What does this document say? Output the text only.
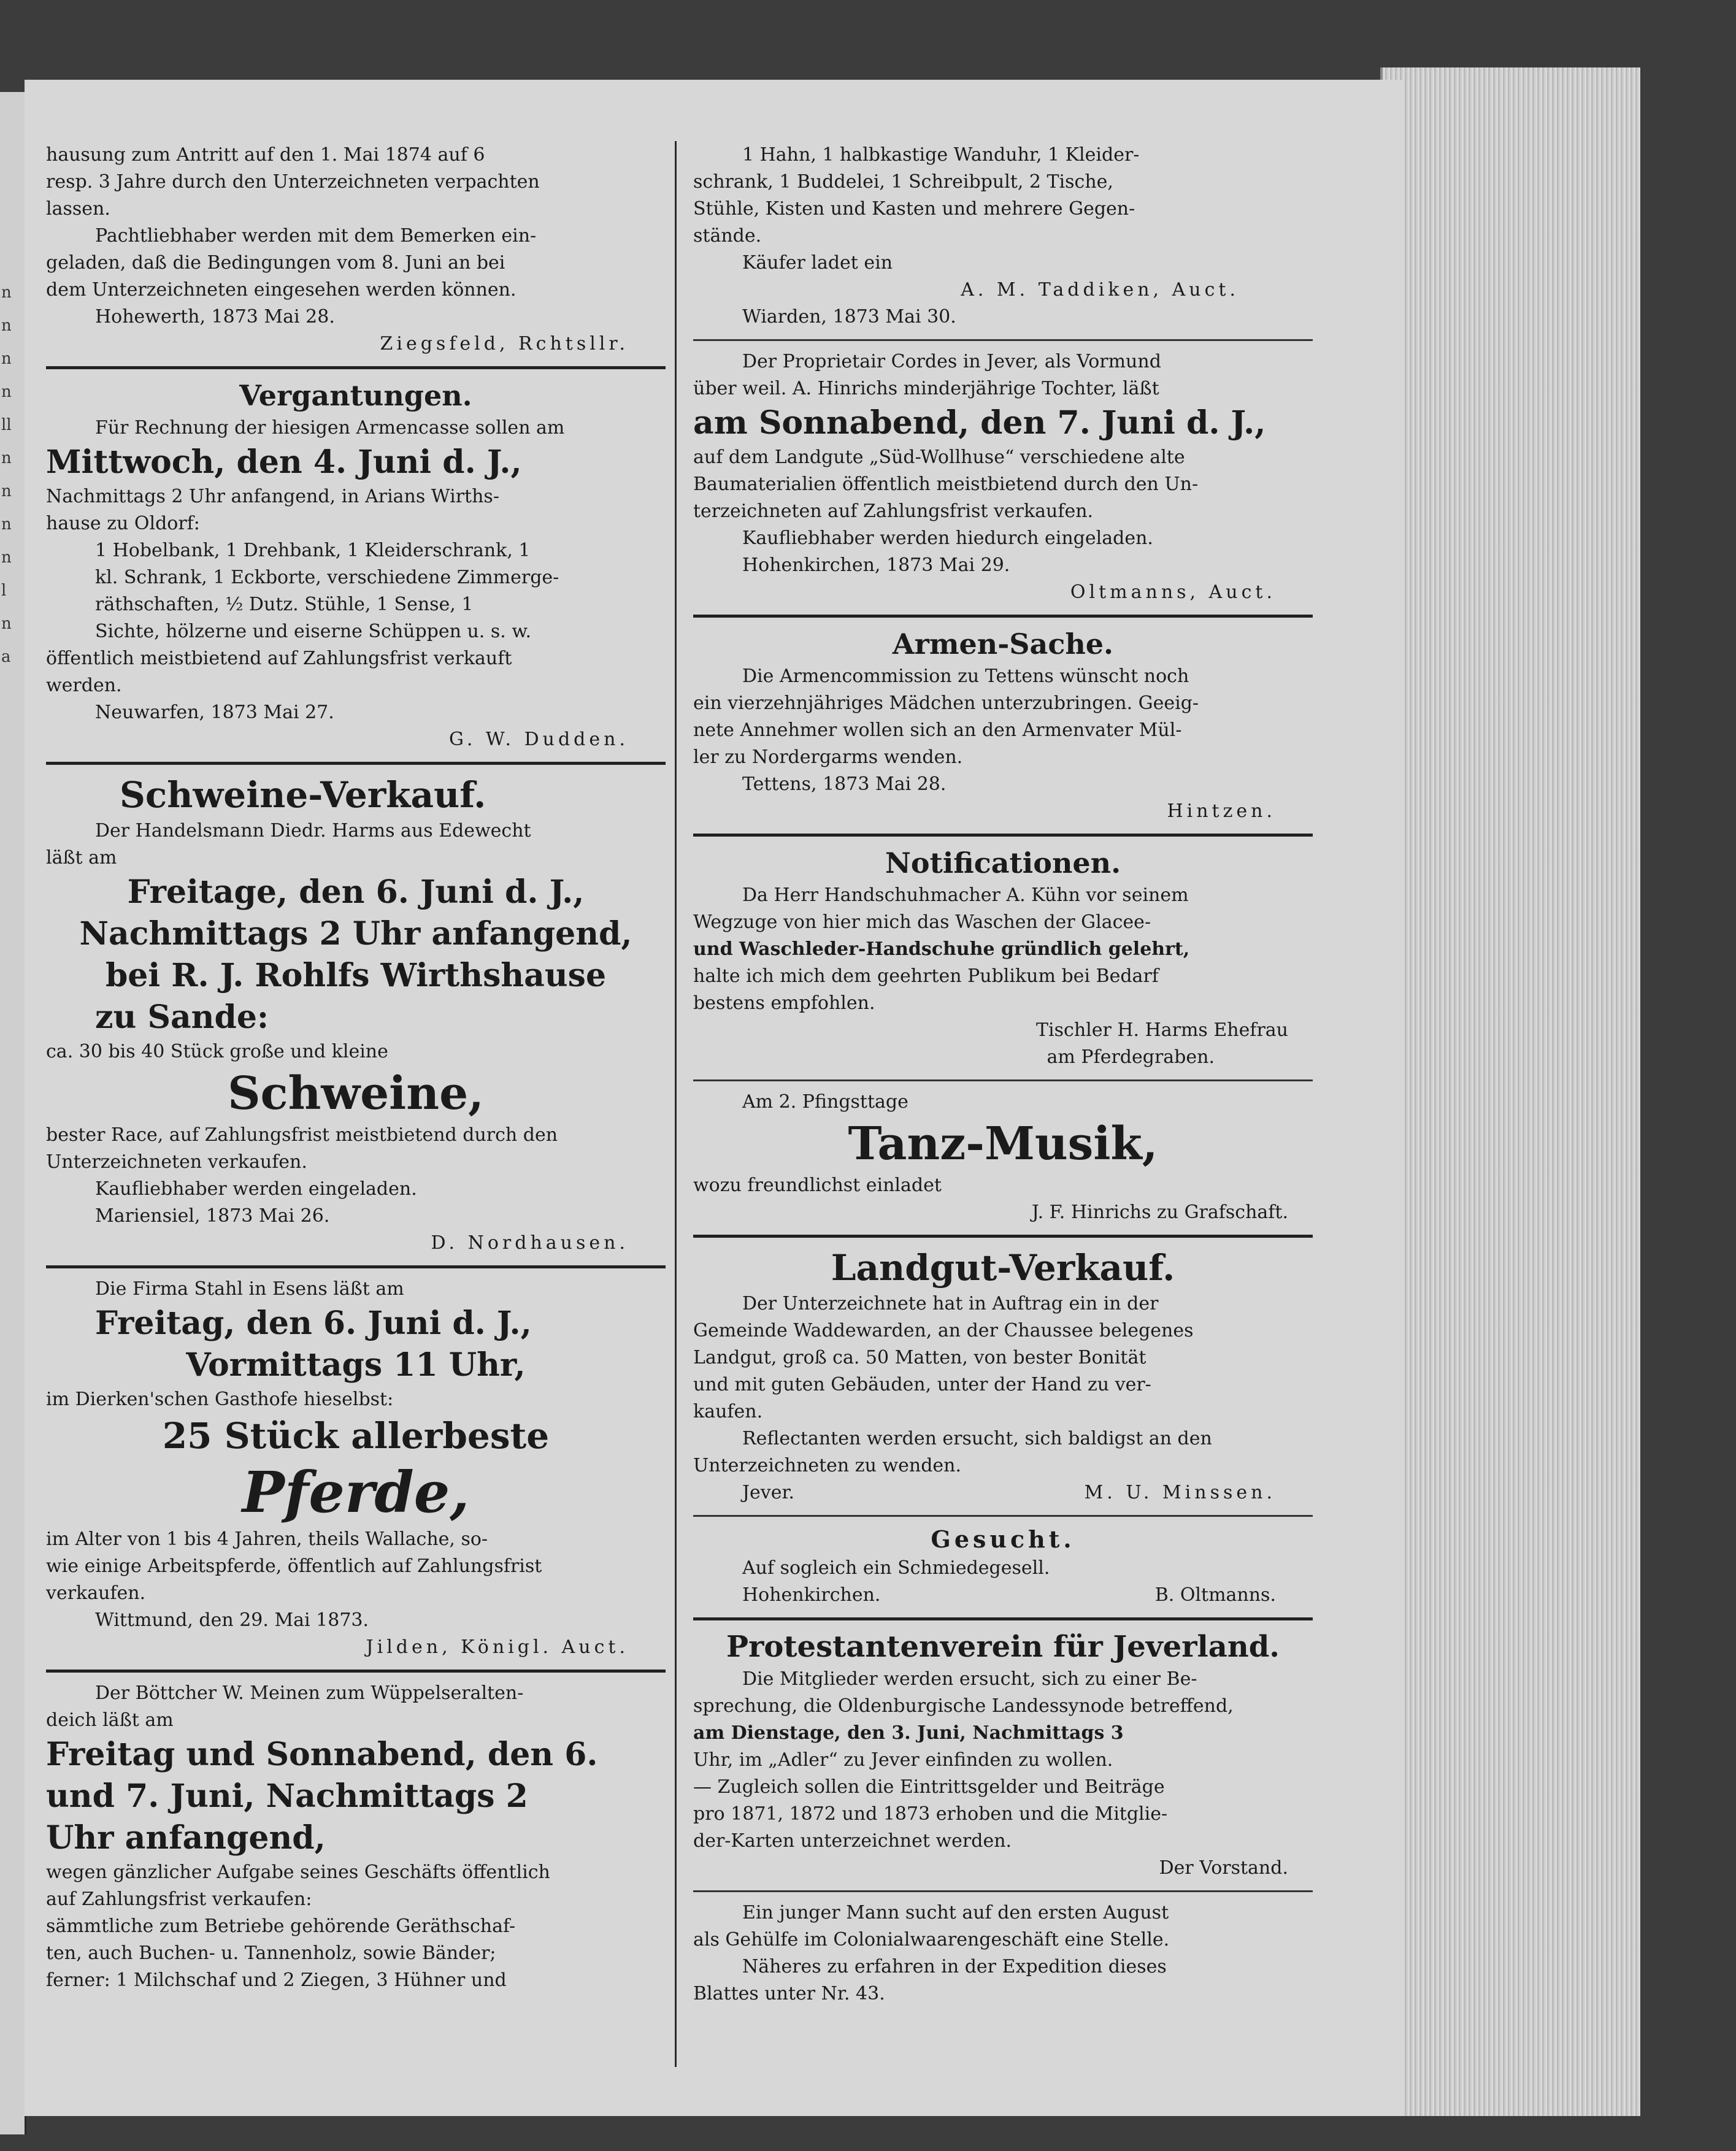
n
n
n
n
ll
n
n
n
n
l
n
a

hausung zum Antritt auf den 1. Mai 1874 auf 6

resp. 3 Jahre durch den Unterzeichneten verpachten

lassen.

Pachtliebhaber werden mit dem Bemerken ein-

geladen, daß die Bedingungen vom 8. Juni an bei

dem Unterzeichneten eingesehen werden können.

Hohewerth, 1873 Mai 28.

Ziegsfeld, Rchtsllr.

Vergantungen.

Für Rechnung der hiesigen Armencasse sollen am

Mittwoch, den 4. Juni d. J.,

Nachmittags 2 Uhr anfangend, in Arians Wirths-

hause zu Oldorf:

1 Hobelbank, 1 Drehbank, 1 Kleiderschrank, 1

kl. Schrank, 1 Eckborte, verschiedene Zimmerge-

räthschaften, ½ Dutz. Stühle, 1 Sense, 1

Sichte, hölzerne und eiserne Schüppen u. s. w.

öffentlich meistbietend auf Zahlungsfrist verkauft

werden.

Neuwarfen, 1873 Mai 27.

G. W. Dudden.

Schweine-Verkauf.

Der Handelsmann Diedr. Harms aus Edewecht

läßt am

Freitage, den 6. Juni d. J.,

Nachmittags 2 Uhr anfangend,

bei R. J. Rohlfs Wirthshause

zu Sande:

ca. 30 bis 40 Stück große und kleine

Schweine,

bester Race, auf Zahlungsfrist meistbietend durch den

Unterzeichneten verkaufen.

Kaufliebhaber werden eingeladen.

Mariensiel, 1873 Mai 26.

D. Nordhausen.

Die Firma Stahl in Esens läßt am

Freitag, den 6. Juni d. J.,

Vormittags 11 Uhr,

im Dierken'schen Gasthofe hieselbst:

25 Stück allerbeste

Pferde,

im Alter von 1 bis 4 Jahren, theils Wallache, so-

wie einige Arbeitspferde, öffentlich auf Zahlungsfrist

verkaufen.

Wittmund, den 29. Mai 1873.

Jilden, Königl. Auct.

Der Böttcher W. Meinen zum Wüppelseralten-

deich läßt am

Freitag und Sonnabend, den 6.

und 7. Juni, Nachmittags 2

Uhr anfangend,

wegen gänzlicher Aufgabe seines Geschäfts öffentlich

auf Zahlungsfrist verkaufen:

sämmtliche zum Betriebe gehörende Geräthschaf-

ten, auch Buchen- u. Tannenholz, sowie Bänder;

ferner: 1 Milchschaf und 2 Ziegen, 3 Hühner und

1 Hahn, 1 halbkastige Wanduhr, 1 Kleider-

schrank, 1 Buddelei, 1 Schreibpult, 2 Tische,

Stühle, Kisten und Kasten und mehrere Gegen-

stände.

Käufer ladet ein

A. M. Taddiken, Auct.

Wiarden, 1873 Mai 30.

Der Proprietair Cordes in Jever, als Vormund

über weil. A. Hinrichs minderjährige Tochter, läßt

am Sonnabend, den 7. Juni d. J.,

auf dem Landgute „Süd-Wollhuse“ verschiedene alte

Baumaterialien öffentlich meistbietend durch den Un-

terzeichneten auf Zahlungsfrist verkaufen.

Kaufliebhaber werden hiedurch eingeladen.

Hohenkirchen, 1873 Mai 29.

Oltmanns, Auct.

Armen-Sache.

Die Armencommission zu Tettens wünscht noch

ein vierzehnjähriges Mädchen unterzubringen. Geeig-

nete Annehmer wollen sich an den Armenvater Mül-

ler zu Nordergarms wenden.

Tettens, 1873 Mai 28.

Hintzen.

Notificationen.

Da Herr Handschuhmacher A. Kühn vor seinem

Wegzuge von hier mich das Waschen der Glacee-

und Waschleder-Handschuhe gründlich gelehrt,

halte ich mich dem geehrten Publikum bei Bedarf

bestens empfohlen.

Tischler H. Harms Ehefrau

am Pferdegraben.

Am 2. Pfingsttage

Tanz-Musik,

wozu freundlichst einladet

J. F. Hinrichs zu Grafschaft.

Landgut-Verkauf.

Der Unterzeichnete hat in Auftrag ein in der

Gemeinde Waddewarden, an der Chaussee belegenes

Landgut, groß ca. 50 Matten, von bester Bonität

und mit guten Gebäuden, unter der Hand zu ver-

kaufen.

Reflectanten werden ersucht, sich baldigst an den

Unterzeichneten zu wenden.

Jever.	M. U. Minssen.

Gesucht.

Auf sogleich ein Schmiedegesell.

Hohenkirchen.	B. Oltmanns.

Protestantenverein für Jeverland.

Die Mitglieder werden ersucht, sich zu einer Be-

sprechung, die Oldenburgische Landessynode betreffend,

am Dienstage, den 3. Juni, Nachmittags 3

Uhr, im „Adler“ zu Jever einfinden zu wollen.

— Zugleich sollen die Eintrittsgelder und Beiträge

pro 1871, 1872 und 1873 erhoben und die Mitglie-

der-Karten unterzeichnet werden.

Der Vorstand.

Ein junger Mann sucht auf den ersten August

als Gehülfe im Colonialwaarengeschäft eine Stelle.

Näheres zu erfahren in der Expedition dieses

Blattes unter Nr. 43.
